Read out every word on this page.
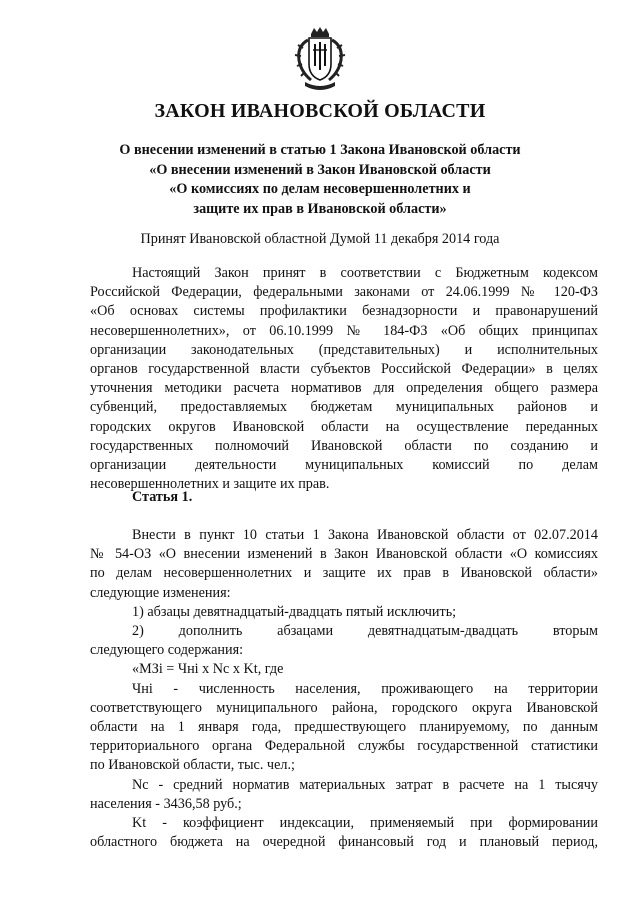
ЗАКОН ИВАНОВСКОЙ ОБЛАСТИ
О внесении изменений в статью 1 Закона Ивановской области
«О внесении изменений в Закон Ивановской области
«О комиссиях по делам несовершеннолетних и
защите их прав в Ивановской области»
Принят Ивановской областной Думой 11 декабря 2014 года
Настоящий Закон принят в соответствии с Бюджетным кодексом
Российской Федерации, федеральными законами от 24.06.1999 № 120-ФЗ
«Об основах системы профилактики безнадзорности и правонарушений
несовершеннолетних», от 06.10.1999 № 184-ФЗ «Об общих принципах
организации законодательных (представительных) и исполнительных
органов государственной власти субъектов Российской Федерации» в целях
уточнения методики расчета нормативов для определения общего размера
субвенций, предоставляемых бюджетам муниципальных районов и
городских округов Ивановской области на осуществление переданных
государственных полномочий Ивановской области по созданию и
организации деятельности муниципальных комиссий по делам
несовершеннолетних и защите их прав.
Статья 1.
Внести в пункт 10 статьи 1 Закона Ивановской области от 02.07.2014
№ 54-ОЗ «О внесении изменений в Закон Ивановской области «О комиссиях
по делам несовершеннолетних и защите их прав в Ивановской области»
следующие изменения:
1) абзацы девятнадцатый-двадцать пятый исключить;
2) дополнить абзацами девятнадцатым-двадцать вторым
следующего содержания:
«МЗi = Чнi x Nc x Kt, где
Чнi - численность населения, проживающего на территории
соответствующего муниципального района, городского округа Ивановской
области на 1 января года, предшествующего планируемому, по данным
территориального органа Федеральной службы государственной статистики
по Ивановской области, тыс. чел.;
Nc - средний норматив материальных затрат в расчете на 1 тысячу
населения - 3436,58 руб.;
Kt - коэффициент индексации, применяемый при формировании
областного бюджета на очередной финансовый год и плановый период,
